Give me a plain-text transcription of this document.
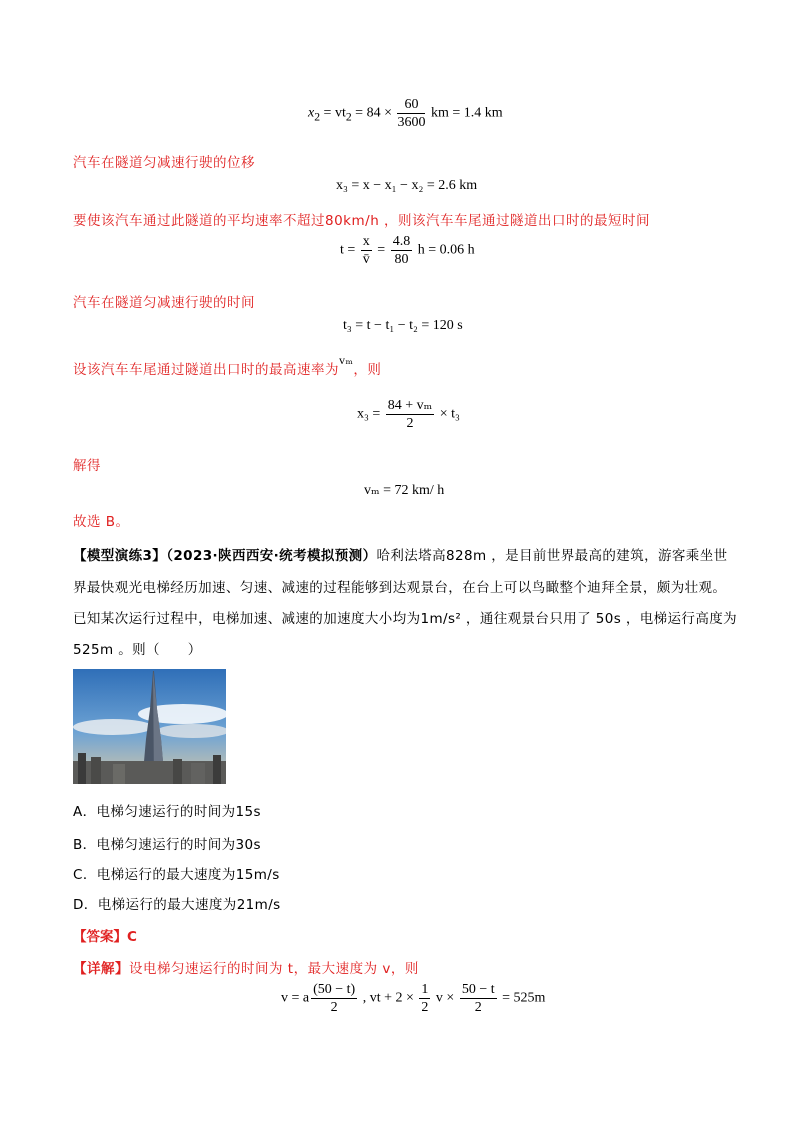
$x_2 = vt_2 = 84 \times \frac{60}{3600}$ km = 1.4 km
汽车在隧道匀减速行驶的位移
x₃ = x − x₁ − x₂ = 2.6 km
要使该汽车通过此隧道的平均速率不超过80km/h ，则该汽车车尾通过隧道出口时的最短时间
$t = \frac{x}{v̄} = \frac{4.8}{80}$ h = 0.06 h
汽车在隧道匀减速行驶的时间
t₃ = t − t₁ − t₂ = 120 s
设该汽车车尾通过隧道出口时的最高速率为vₘ，则
$x_3 = \frac{\text{84 + vₘ}}{2} \times t_3$
解得
vₘ = 72 km/ h
故选 B。
【模型演练3】（2023·陕西西安·统考模拟预测）哈利法塔高828m ，是目前世界最高的建筑，游客乘坐世
界最快观光电梯经历加速、匀速、减速的过程能够到达观景台，在台上可以鸟瞰整个迪拜全景，颇为壮观。
已知某次运行过程中，电梯加速、减速的加速度大小均为1m/s² ，通往观景台只用了 50s ，电梯运行高度为
525m 。则（　　）
A．电梯匀速运行的时间为15s
B．电梯匀速运行的时间为30s
C．电梯运行的最大速度为15m/s
D．电梯运行的最大速度为21m/s
【答案】C
【详解】设电梯匀速运行的时间为 t，最大速度为 v，则
v = a $\frac{(50 - t)}{2}$ , vt + $2 \times \frac{1}{2}$ $v \times \frac{50 - t}{2} = 525m$
